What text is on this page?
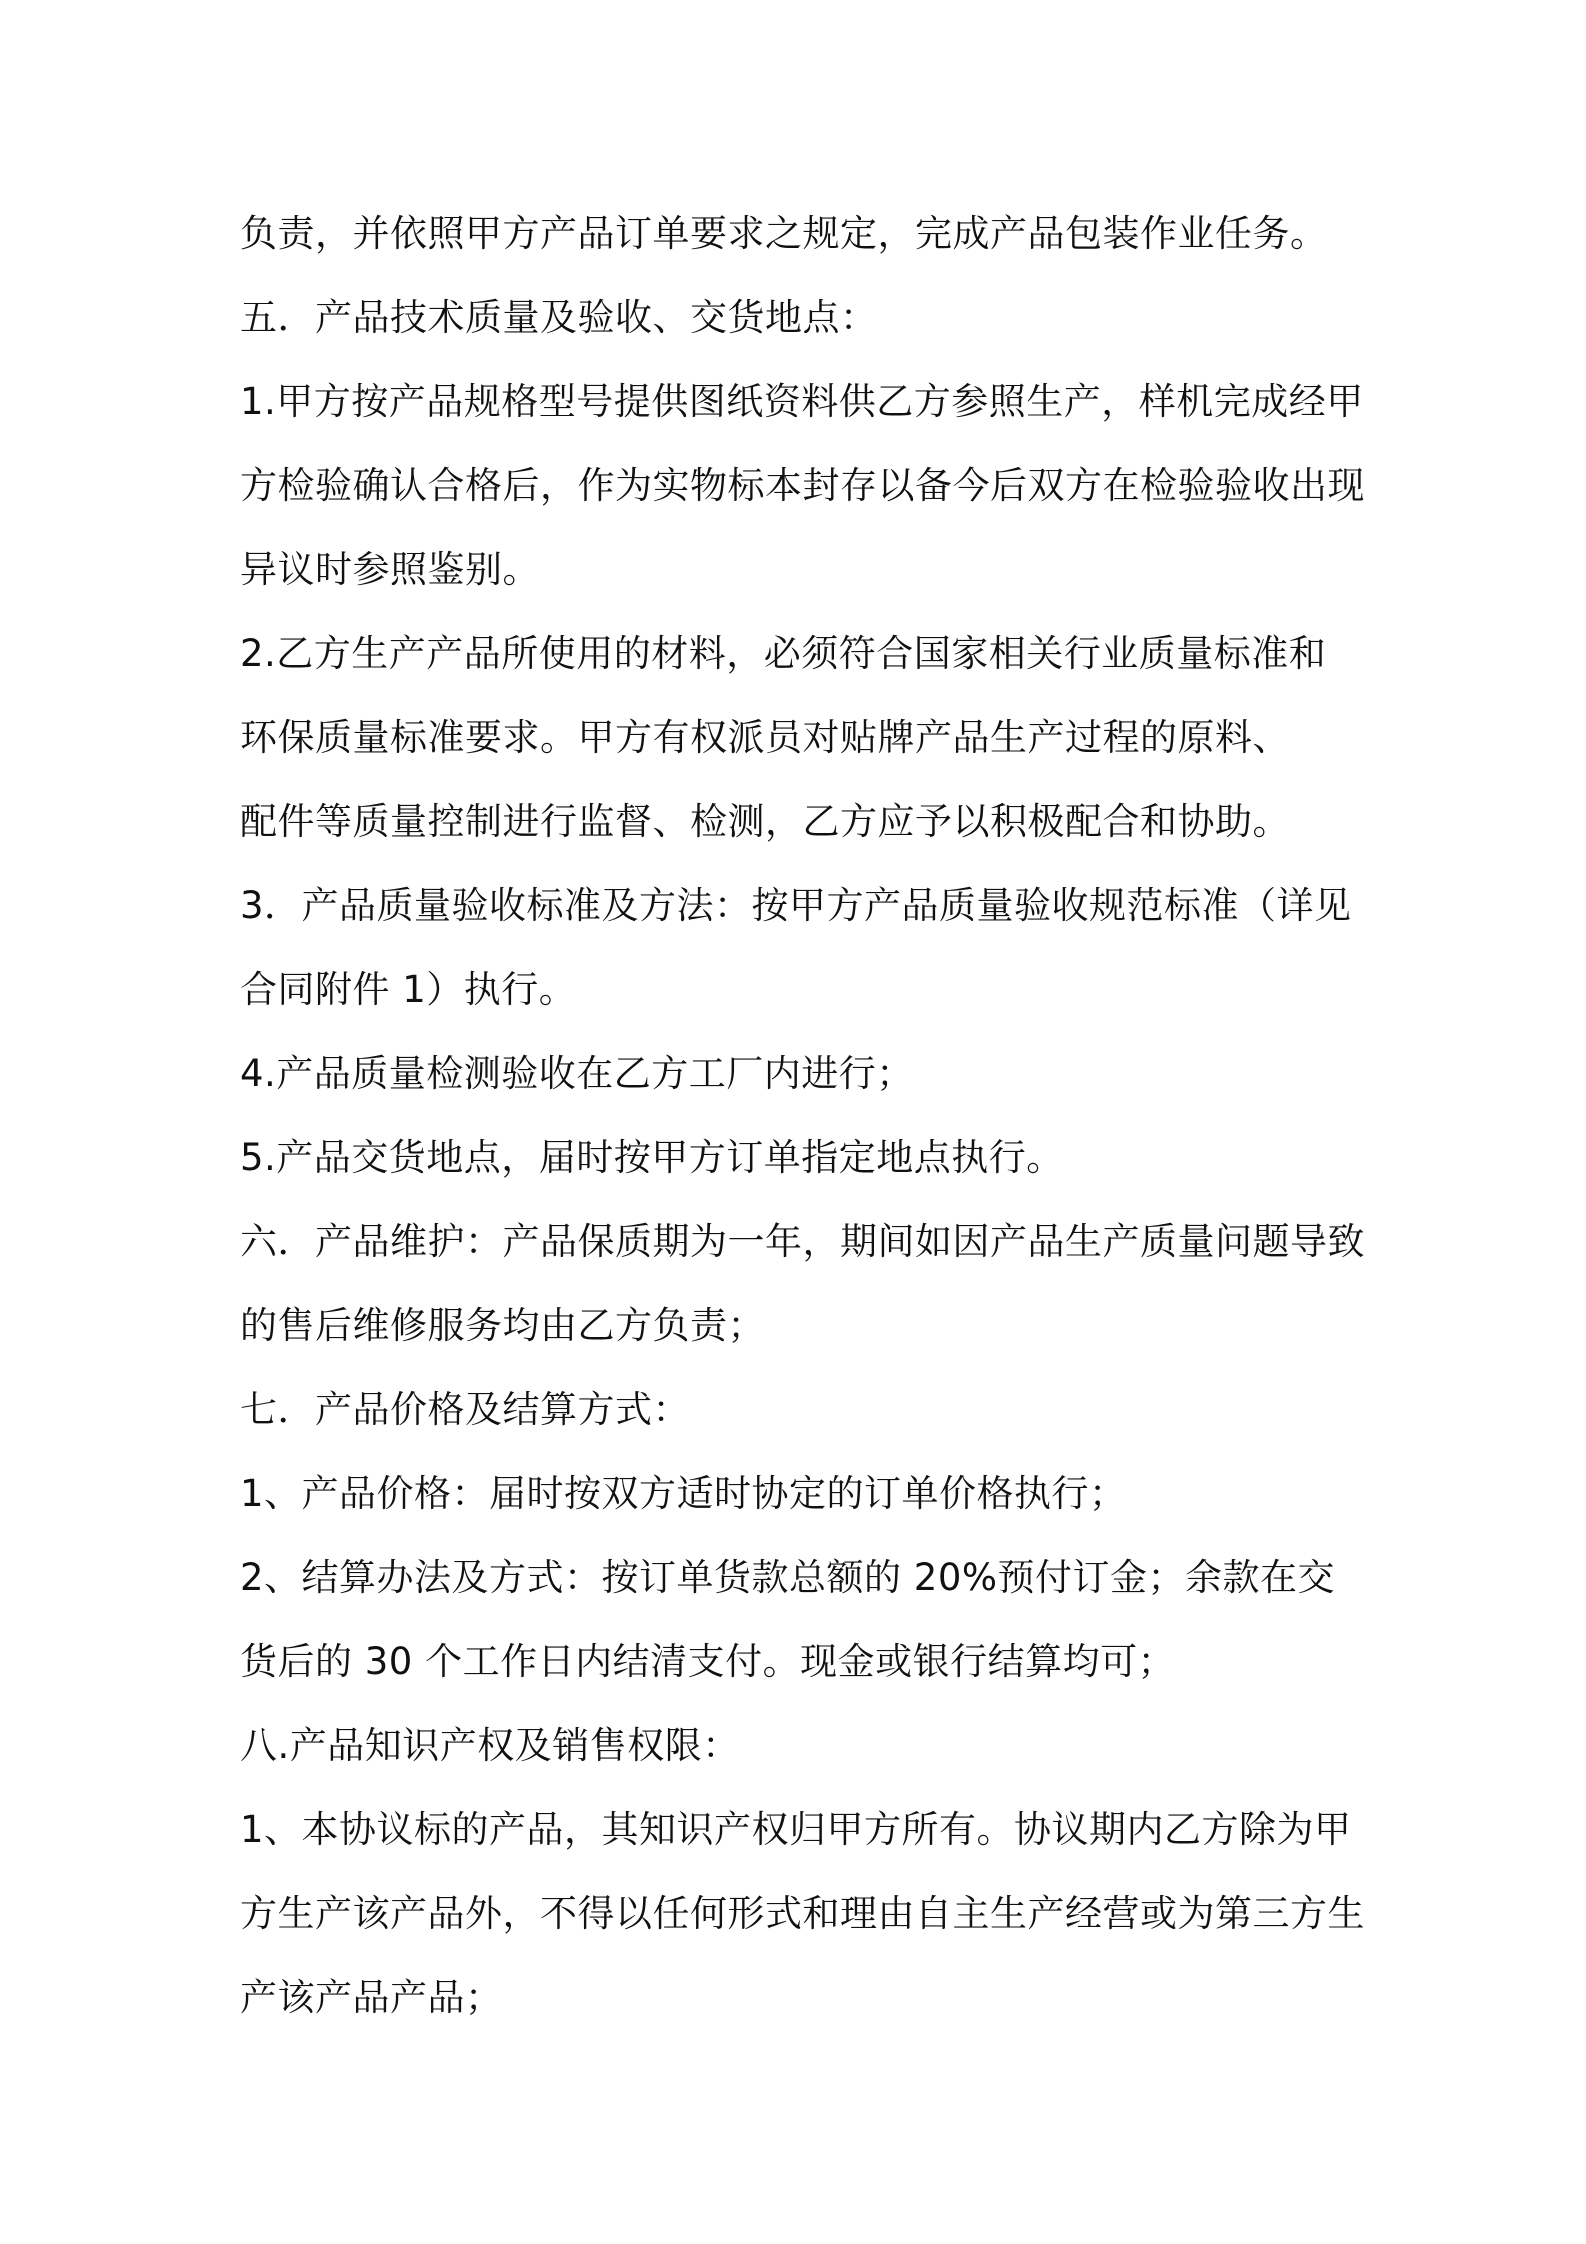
负责，并依照甲方产品订单要求之规定，完成产品包装作业任务。
五．产品技术质量及验收、交货地点：
1.甲方按产品规格型号提供图纸资料供乙方参照生产，样机完成经甲
方检验确认合格后，作为实物标本封存以备今后双方在检验验收出现
异议时参照鉴别。
2.乙方生产产品所使用的材料，必须符合国家相关行业质量标准和
环保质量标准要求。甲方有权派员对贴牌产品生产过程的原料、
配件等质量控制进行监督、检测，乙方应予以积极配合和协助。
3．产品质量验收标准及方法：按甲方产品质量验收规范标准（详见
合同附件 1）执行。
4.产品质量检测验收在乙方工厂内进行；
5.产品交货地点，届时按甲方订单指定地点执行。
六．产品维护：产品保质期为一年，期间如因产品生产质量问题导致
的售后维修服务均由乙方负责；
七．产品价格及结算方式：
1、产品价格：届时按双方适时协定的订单价格执行；
2、结算办法及方式：按订单货款总额的 20%预付订金；余款在交
货后的 30 个工作日内结清支付。现金或银行结算均可；
八.产品知识产权及销售权限：
1、本协议标的产品，其知识产权归甲方所有。协议期内乙方除为甲
方生产该产品外，不得以任何形式和理由自主生产经营或为第三方生
产该产品产品；
